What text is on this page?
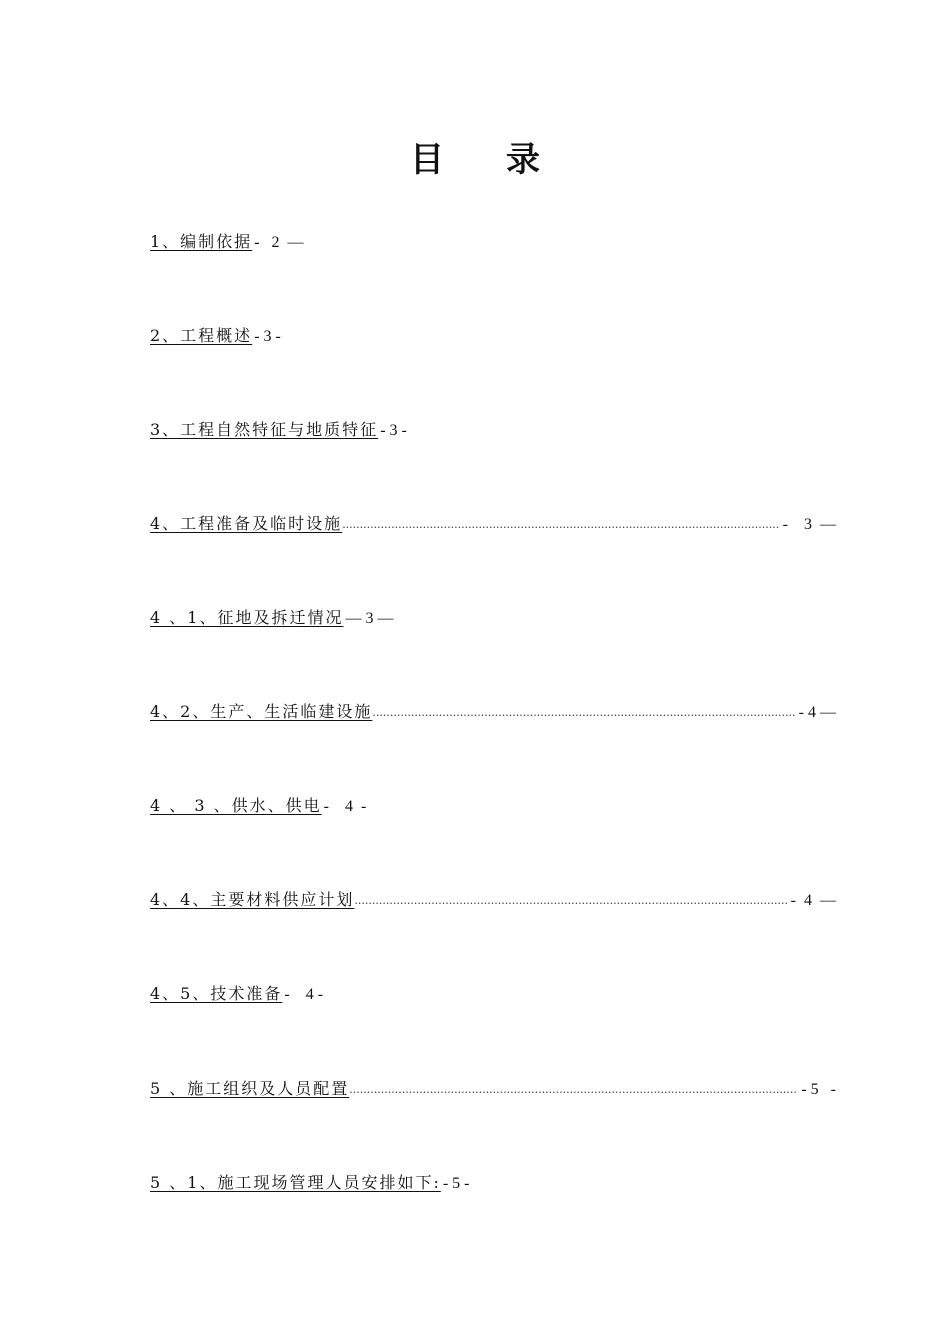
目 录
1、编制依据 -   2  —
2、工程概述 - 3 -
3、工程自然特征与地质特征 - 3 -
4、工程准备及临时设施 .....	-    3  —
4 、1、征地及拆迁情况 — 3 —
4、2、生产、生活临建设施 .....	- 4 —
4 、 3 、供水、供电 -    4  -
4、4、主要材料供应计划 .....	-  4  —
4、5、技术准备 -    4 -
5 、施工组织及人员配置 .....	- 5   -
5 、1、施工现场管理人员安排如下: - 5 -
